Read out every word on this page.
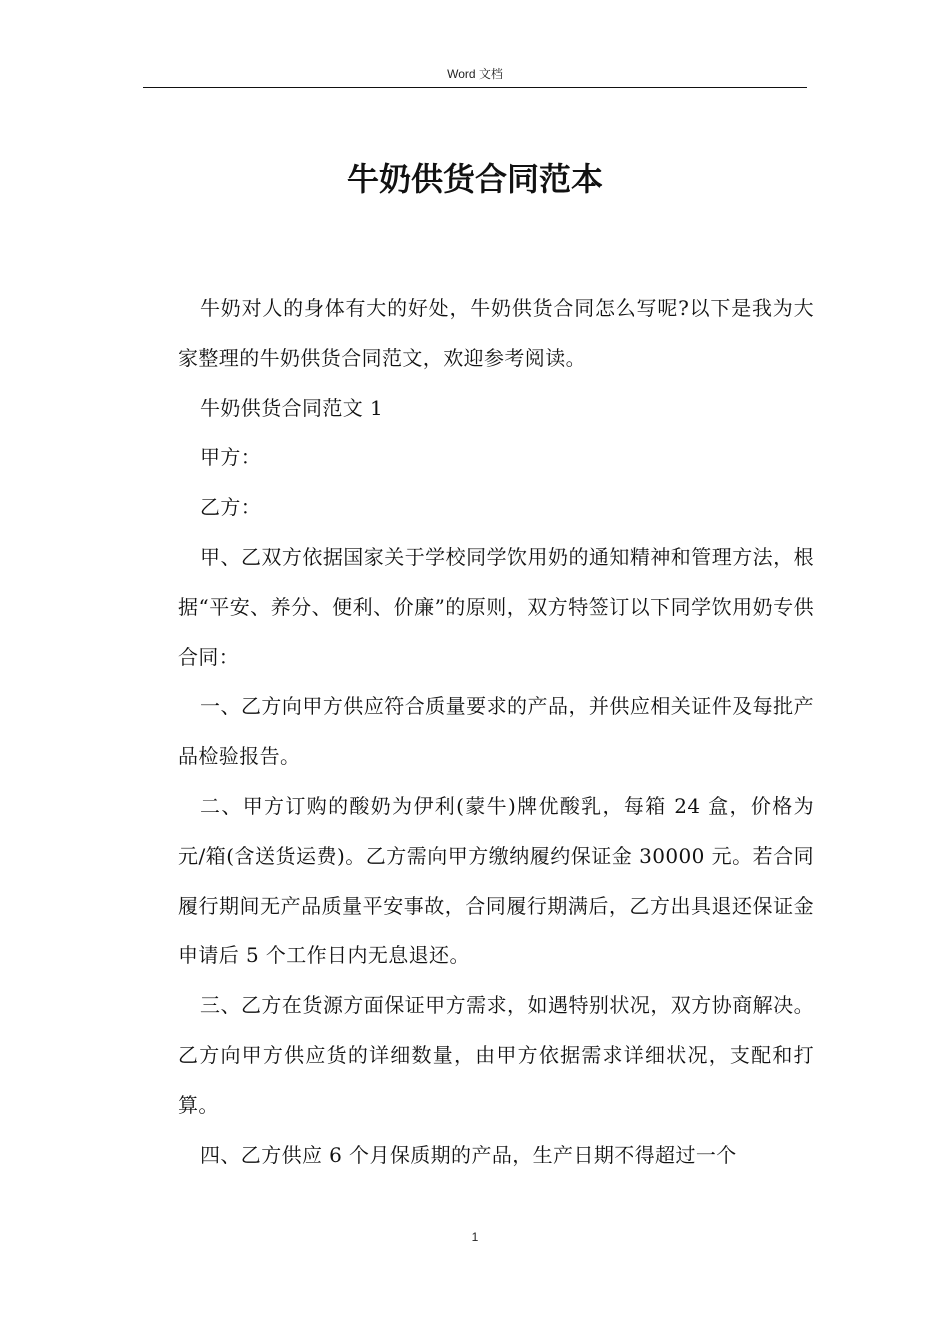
Word 文档
牛奶供货合同范本

牛奶对人的身体有大的好处，牛奶供货合同怎么写呢?以下是我为大家整理的牛奶供货合同范文，欢迎参考阅读。

牛奶供货合同范文 1

甲方：

乙方：

甲、乙双方依据国家关于学校同学饮用奶的通知精神和管理方法，根据“平安、养分、便利、价廉”的原则，双方特签订以下同学饮用奶专供合同：

一、乙方向甲方供应符合质量要求的产品，并供应相关证件及每批产品检验报告。

二、甲方订购的酸奶为伊利(蒙牛)牌优酸乳，每箱 24 盒，价格为元/箱(含送货运费)。乙方需向甲方缴纳履约保证金 30000 元。若合同履行期间无产品质量平安事故，合同履行期满后，乙方出具退还保证金申请后 5 个工作日内无息退还。

三、乙方在货源方面保证甲方需求，如遇特别状况，双方协商解决。乙方向甲方供应货的详细数量，由甲方依据需求详细状况，支配和打算。

四、乙方供应 6 个月保质期的产品，生产日期不得超过一个

1
